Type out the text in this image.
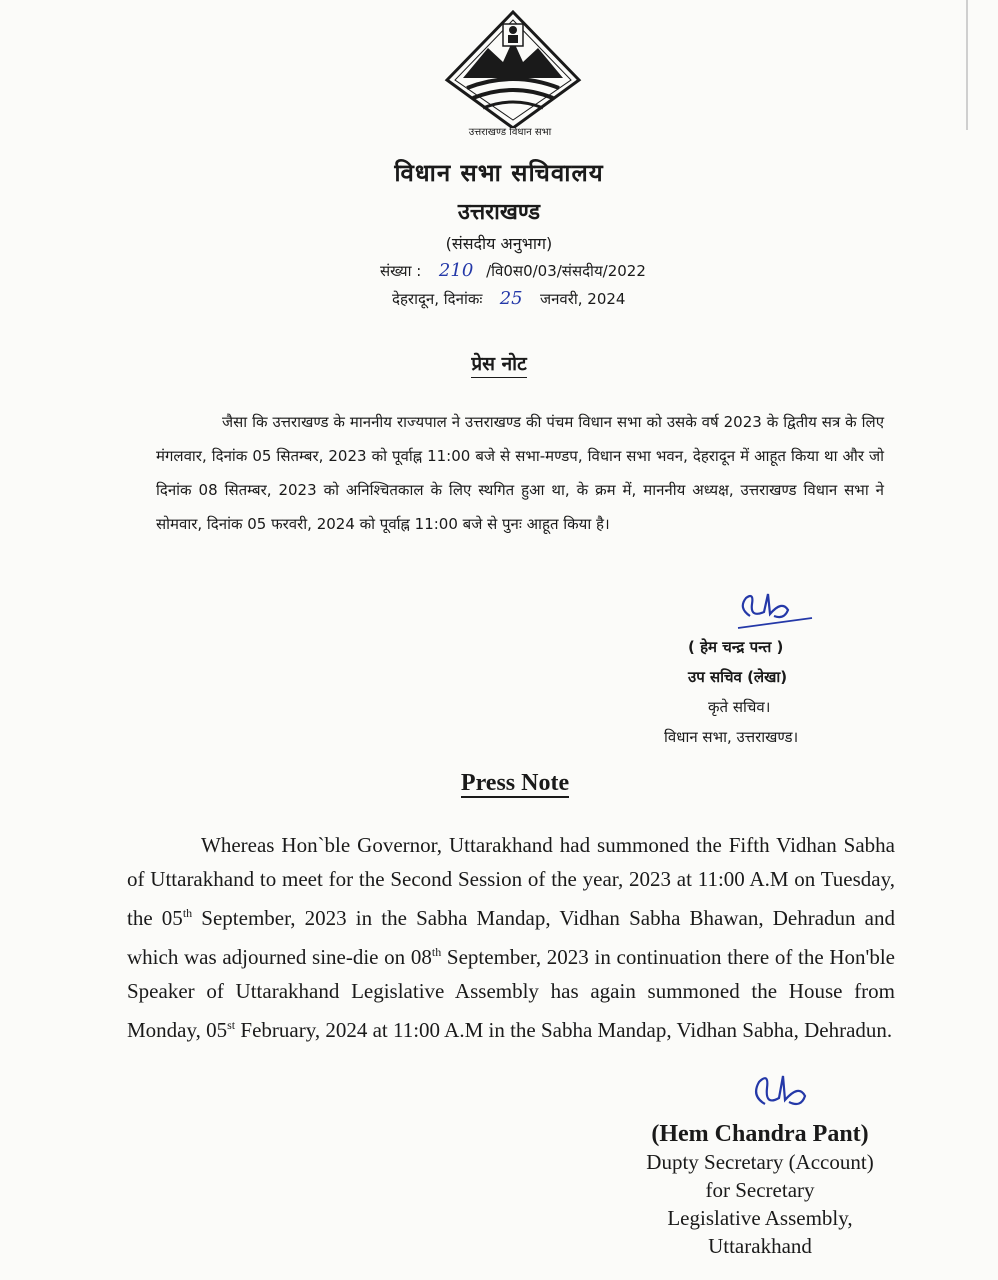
उत्तराखण्ड विधान सभा
विधान सभा सचिवालय
उत्तराखण्ड
(संसदीय अनुभाग)
संख्या : 210 /वि0स0/03/संसदीय/2022
देहरादून, दिनांकः 25 जनवरी, 2024
प्रेस नोट
जैसा कि उत्तराखण्ड के माननीय राज्यपाल ने उत्तराखण्ड की पंचम विधान सभा को उसके वर्ष 2023 के द्वितीय सत्र के लिए मंगलवार, दिनांक 05 सितम्बर, 2023 को पूर्वाह्न 11:00 बजे से सभा-मण्डप, विधान सभा भवन, देहरादून में आहूत किया था और जो दिनांक 08 सितम्बर, 2023 को अनिश्चितकाल के लिए स्थगित हुआ था, के क्रम में, माननीय अध्यक्ष, उत्तराखण्ड विधान सभा ने सोमवार, दिनांक 05 फरवरी, 2024 को पूर्वाह्न 11:00 बजे से पुनः आहूत किया है।
( हेम चन्द्र पन्त )
उप सचिव (लेखा)
कृते सचिव।
विधान सभा, उत्तराखण्ड।
Press Note
Whereas Hon`ble Governor, Uttarakhand had summoned the Fifth Vidhan Sabha of Uttarakhand to meet for the Second Session of the year, 2023 at 11:00 A.M on Tuesday, the 05th September, 2023 in the Sabha Mandap, Vidhan Sabha Bhawan, Dehradun and which was adjourned sine-die on 08th September, 2023 in continuation there of the Hon'ble Speaker of Uttarakhand Legislative Assembly has again summoned the House from Monday, 05st February, 2024 at 11:00 A.M in the Sabha Mandap, Vidhan Sabha, Dehradun.
(Hem Chandra Pant)
Dupty Secretary (Account)
for Secretary
Legislative Assembly,
Uttarakhand
